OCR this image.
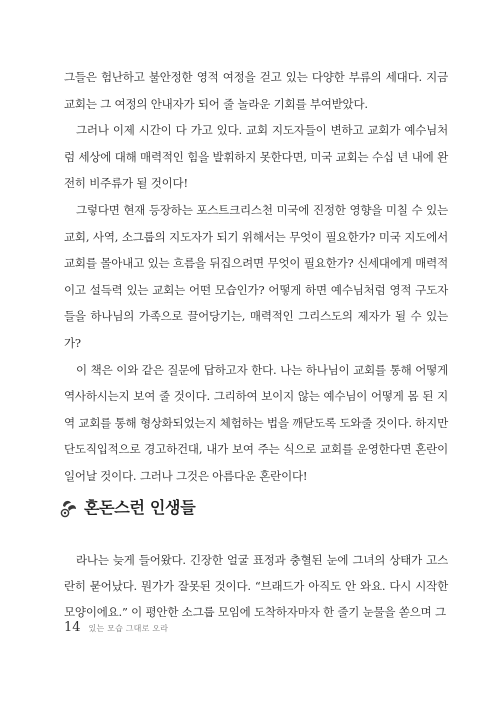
그들은 험난하고 불안정한 영적 여정을 걷고 있는 다양한 부류의 세대다. 지금 교회는 그 여정의 안내자가 되어 줄 놀라운 기회를 부여받았다.

그러나 이제 시간이 다 가고 있다. 교회 지도자들이 변하고 교회가 예수님처럼 세상에 대해 매력적인 힘을 발휘하지 못한다면, 미국 교회는 수십 년 내에 완전히 비주류가 될 것이다!

그렇다면 현재 등장하는 포스트크리스천 미국에 진정한 영향을 미칠 수 있는 교회, 사역, 소그룹의 지도자가 되기 위해서는 무엇이 필요한가? 미국 지도에서 교회를 몰아내고 있는 흐름을 뒤집으려면 무엇이 필요한가? 신세대에게 매력적이고 설득력 있는 교회는 어떤 모습인가? 어떻게 하면 예수님처럼 영적 구도자들을 하나님의 가족으로 끌어당기는, 매력적인 그리스도의 제자가 될 수 있는가?

이 책은 이와 같은 질문에 답하고자 한다. 나는 하나님이 교회를 통해 어떻게 역사하시는지 보여 줄 것이다. 그리하여 보이지 않는 예수님이 어떻게 몸 된 지역 교회를 통해 형상화되었는지 체험하는 법을 깨닫도록 도와줄 것이다. 하지만 단도직입적으로 경고하건대, 내가 보여 주는 식으로 교회를 운영한다면 혼란이 일어날 것이다. 그러나 그것은 아름다운 혼란이다!

혼돈스런 인생들

라나는 늦게 들어왔다. 긴장한 얼굴 표정과 충혈된 눈에 그녀의 상태가 고스란히 묻어났다. 뭔가가 잘못된 것이다. “브래드가 아직도 안 와요. 다시 시작한 모양이에요.” 이 평안한 소그룹 모임에 도착하자마자 한 줄기 눈물을 쏟으며 그

14 있는 모습 그대로 오라
